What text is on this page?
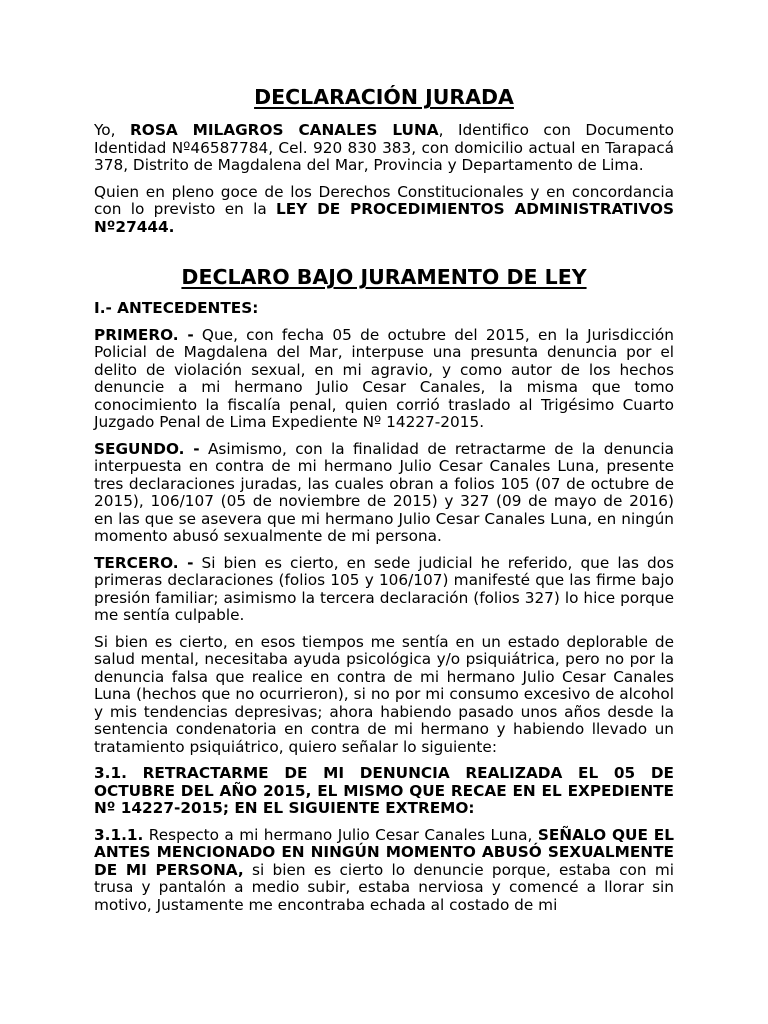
DECLARACIÓN JURADA

Yo, ROSA MILAGROS CANALES LUNA, Identifico con Documento Identidad Nº46587784, Cel. 920 830 383, con domicilio actual en Tarapacá 378, Distrito de Magdalena del Mar, Provincia y Departamento de Lima.

Quien en pleno goce de los Derechos Constitucionales y en concordancia con lo previsto en la LEY DE PROCEDIMIENTOS ADMINISTRATIVOS Nº27444.

DECLARO BAJO JURAMENTO DE LEY

I.- ANTECEDENTES:

PRIMERO. - Que, con fecha 05 de octubre del 2015, en la Jurisdicción Policial de Magdalena del Mar, interpuse una presunta denuncia por el delito de violación sexual, en mi agravio, y como autor de los hechos denuncie a mi hermano Julio Cesar Canales, la misma que tomo conocimiento la fiscalía penal, quien corrió traslado al Trigésimo Cuarto Juzgado Penal de Lima Expediente Nº 14227-2015.

SEGUNDO. - Asimismo, con la finalidad de retractarme de la denuncia interpuesta en contra de mi hermano Julio Cesar Canales Luna, presente tres declaraciones juradas, las cuales obran a folios 105 (07 de octubre de 2015), 106/107 (05 de noviembre de 2015) y 327 (09 de mayo de 2016) en las que se asevera que mi hermano Julio Cesar Canales Luna, en ningún momento abusó sexualmente de mi persona.

TERCERO. - Si bien es cierto, en sede judicial he referido, que las dos primeras declaraciones (folios 105 y 106/107) manifesté que las firme bajo presión familiar; asimismo la tercera declaración (folios 327) lo hice porque me sentía culpable.

Si bien es cierto, en esos tiempos me sentía en un estado deplorable de salud mental, necesitaba ayuda psicológica y/o psiquiátrica, pero no por la denuncia falsa que realice en contra de mi hermano Julio Cesar Canales Luna (hechos que no ocurrieron), si no por mi consumo excesivo de alcohol y mis tendencias depresivas; ahora habiendo pasado unos años desde la sentencia condenatoria en contra de mi hermano y habiendo llevado un tratamiento psiquiátrico, quiero señalar lo siguiente:

3.1. RETRACTARME DE MI DENUNCIA REALIZADA EL 05 DE OCTUBRE DEL AÑO 2015, EL MISMO QUE RECAE EN EL EXPEDIENTE Nº 14227-2015; EN EL SIGUIENTE EXTREMO:

3.1.1. Respecto a mi hermano Julio Cesar Canales Luna, SEÑALO QUE EL ANTES MENCIONADO EN NINGÚN MOMENTO ABUSÓ SEXUALMENTE DE MI PERSONA, si bien es cierto lo denuncie porque, estaba con mi trusa y pantalón a medio subir, estaba nerviosa y comencé a llorar sin motivo, Justamente me encontraba echada al costado de mi
